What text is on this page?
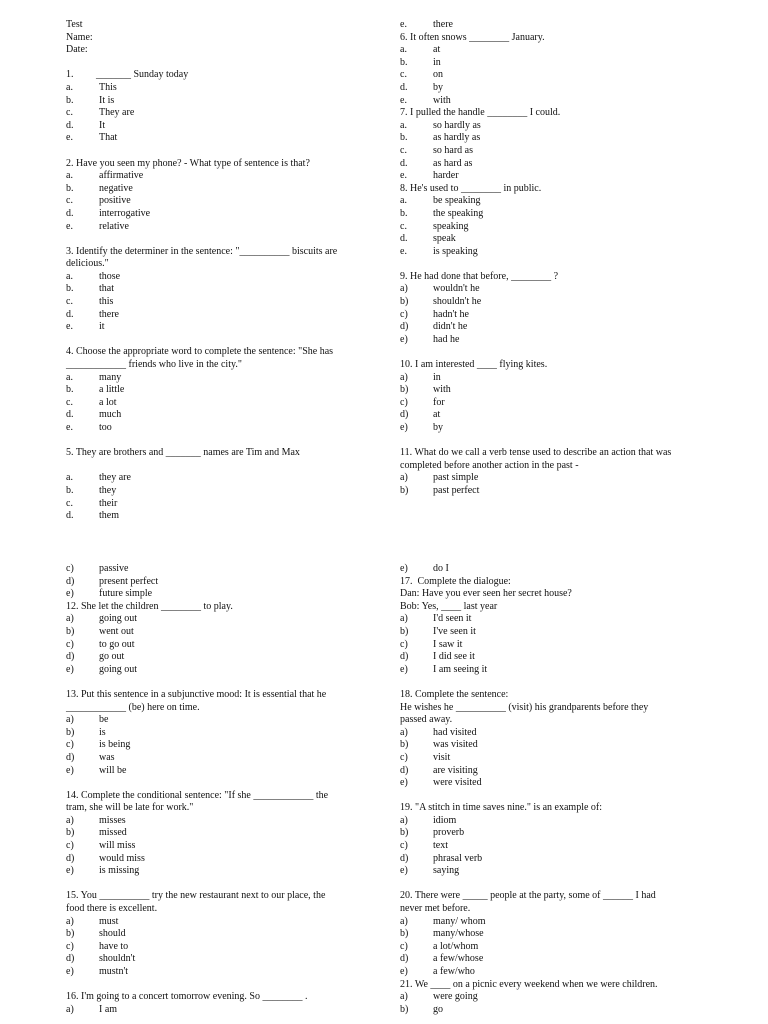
Test
Name:
Date:
1.         _______ Sunday today
a.	This
b.	It is
c.	They are
d.	It
e.	That
2. Have you seen my phone? - What type of sentence is that?
a.	affirmative
b.	negative
c.	positive
d.	interrogative
e.	relative
3. Identify the determiner in the sentence: "__________ biscuits are
delicious."
a.	those
b.	that
c.	this
d.	there
e.	it
4. Choose the appropriate word to complete the sentence: "She has
____________ friends who live in the city."
a.	many
b.	a little
c.	a lot
d.	much
e.	too
5. They are brothers and _______ names are Tim and Max
a.	they are
b.	they
c.	their
d.	them
e.	there
6. It often snows ________ January.
a.	at
b.	in
c.	on
d.	by
e.	with
7. I pulled the handle ________ I could.
a.	so hardly as
b.	as hardly as
c.	so hard as
d.	as hard as
e.	harder
8. He's used to ________ in public.
a.	be speaking
b.	the speaking
c.	speaking
d.	speak
e.	is speaking
9. He had done that before, ________ ?
a)	wouldn't he
b)	shouldn't he
c)	hadn't he
d)	didn't he
e)	had he
10. I am interested ____ flying kites.
a)	in
b)	with
c)	for
d)	at
e)	by
11. What do we call a verb tense used to describe an action that was
completed before another action in the past -
a)	past simple
b)	past perfect
c)	passive
d)	present perfect
e)	future simple
12. She let the children ________ to play.
a)	going out
b)	went out
c)	to go out
d)	go out
e)	going out
13. Put this sentence in a subjunctive mood: It is essential that he
____________ (be) here on time.
a)	be
b)	is
c)	is being
d)	was
e)	will be
14. Complete the conditional sentence: "If she ____________ the
tram, she will be late for work."
a)	misses
b)	missed
c)	will miss
d)	would miss
e)	is missing
15. You __________ try the new restaurant next to our place, the
food there is excellent.
a)	must
b)	should
c)	have to
d)	shouldn't
e)	mustn't
16. I'm going to a concert tomorrow evening. So ________ .
a)	I am
e)	do I
17.  Complete the dialogue:
Dan: Have you ever seen her secret house?
Bob: Yes, ____ last year
a)	I'd seen it
b)	I've seen it
c)	I saw it
d)	I did see it
e)	I am seeing it
18. Complete the sentence:
He wishes he __________ (visit) his grandparents before they
passed away.
a)	had visited
b)	was visited
c)	visit
d)	are visiting
e)	were visited
19. "A stitch in time saves nine." is an example of:
a)	idiom
b)	proverb
c)	text
d)	phrasal verb
e)	saying
20. There were _____ people at the party, some of ______ I had
never met before.
a)	many/ whom
b)	many/whose
c)	a lot/whom
d)	a few/whose
e)	a few/who
21. We ____ on a picnic every weekend when we were children.
a)	were going
b)	go
